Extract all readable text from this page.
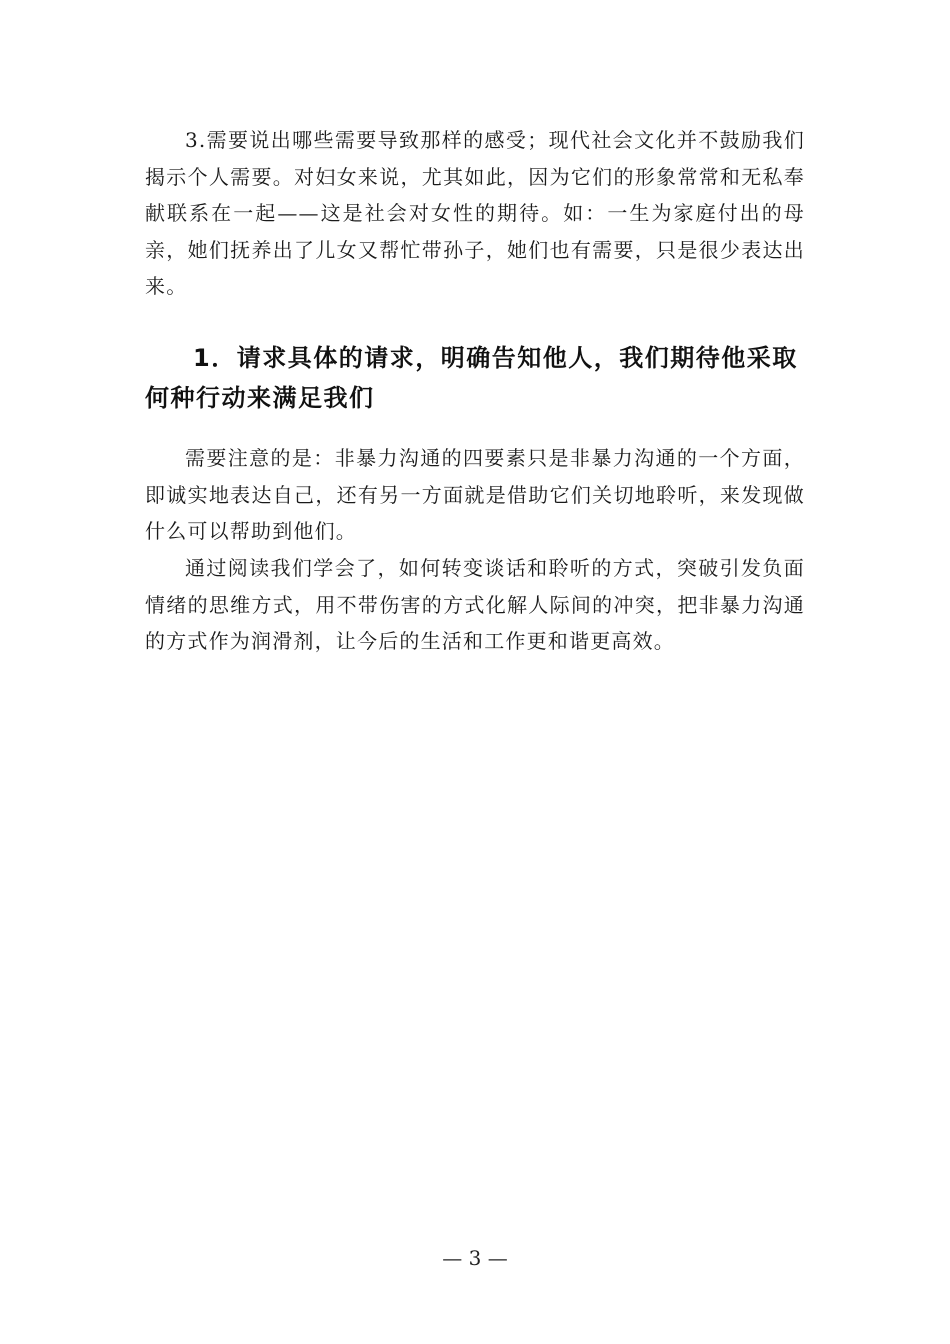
3.需要说出哪些需要导致那样的感受；现代社会文化并不鼓励我们揭示个人需要。对妇女来说，尤其如此，因为它们的形象常常和无私奉献联系在一起——这是社会对女性的期待。如：一生为家庭付出的母亲，她们抚养出了儿女又帮忙带孙子，她们也有需要，只是很少表达出来。

1．请求具体的请求，明确告知他人，我们期待他采取何种行动来满足我们

需要注意的是：非暴力沟通的四要素只是非暴力沟通的一个方面，即诚实地表达自己，还有另一方面就是借助它们关切地聆听，来发现做什么可以帮助到他们。

通过阅读我们学会了，如何转变谈话和聆听的方式，突破引发负面情绪的思维方式，用不带伤害的方式化解人际间的冲突，把非暴力沟通的方式作为润滑剂，让今后的生活和工作更和谐更高效。

— 3 —
